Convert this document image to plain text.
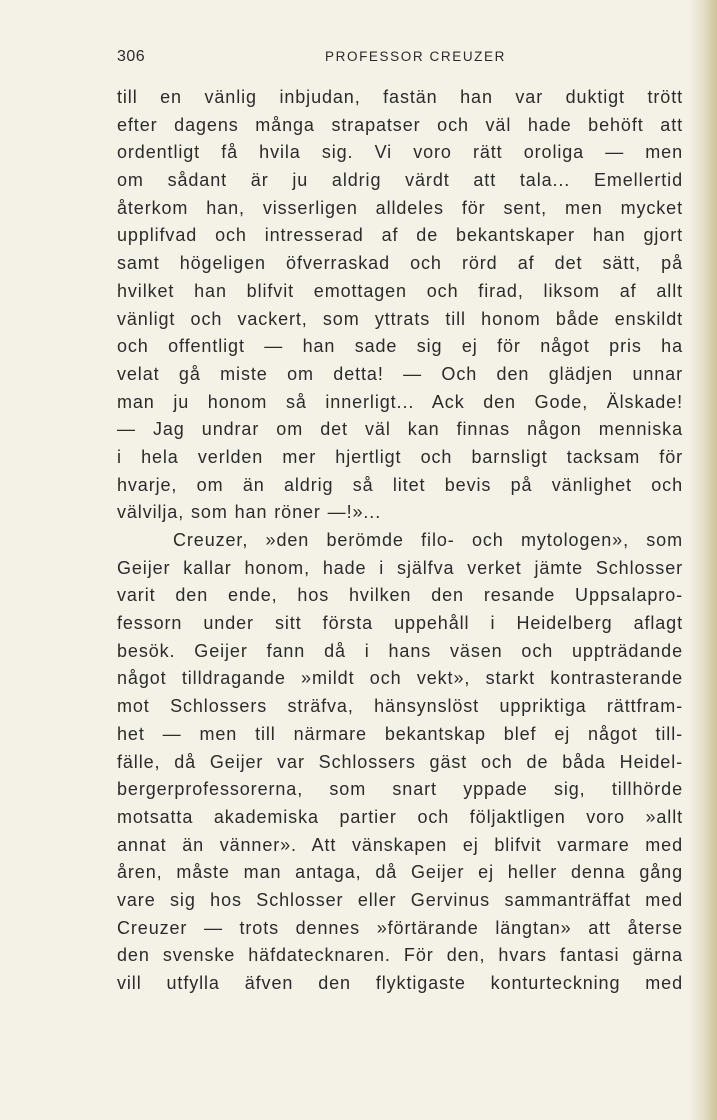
306	PROFESSOR CREUZER
till en vänlig inbjudan, fastän han var duktigt trött
efter dagens många strapatser och väl hade behöft att
ordentligt få hvila sig. Vi voro rätt oroliga — men
om sådant är ju aldrig värdt att tala... Emellertid
återkom han, visserligen alldeles för sent, men mycket
upplifvad och intresserad af de bekantskaper han gjort
samt högeligen öfverraskad och rörd af det sätt, på
hvilket han blifvit emottagen och firad, liksom af allt
vänligt och vackert, som yttrats till honom både enskildt
och offentligt — han sade sig ej för något pris ha
velat gå miste om detta! — Och den glädjen unnar
man ju honom så innerligt... Ack den Gode, Älskade!
— Jag undrar om det väl kan finnas någon menniska
i hela verlden mer hjertligt och barnsligt tacksam för
hvarje, om än aldrig så litet bevis på vänlighet och
välvilja, som han röner —!»...
Creuzer, »den berömde filo- och mytologen», som
Geijer kallar honom, hade i själfva verket jämte Schlosser
varit den ende, hos hvilken den resande Uppsalapro-
fessorn under sitt första uppehåll i Heidelberg aflagt
besök. Geijer fann då i hans väsen och uppträdande
något tilldragande »mildt och vekt», starkt kontrasterande
mot Schlossers sträfva, hänsynslöst uppriktiga rättfram-
het — men till närmare bekantskap blef ej något till-
fälle, då Geijer var Schlossers gäst och de båda Heidel-
bergerprofessorerna, som snart yppade sig, tillhörde
motsatta akademiska partier och följaktligen voro »allt
annat än vänner». Att vänskapen ej blifvit varmare med
åren, måste man antaga, då Geijer ej heller denna gång
vare sig hos Schlosser eller Gervinus sammanträffat med
Creuzer — trots dennes »förtärande längtan» att återse
den svenske häfdatecknaren. För den, hvars fantasi gärna
vill utfylla äfven den flyktigaste konturteckning med
